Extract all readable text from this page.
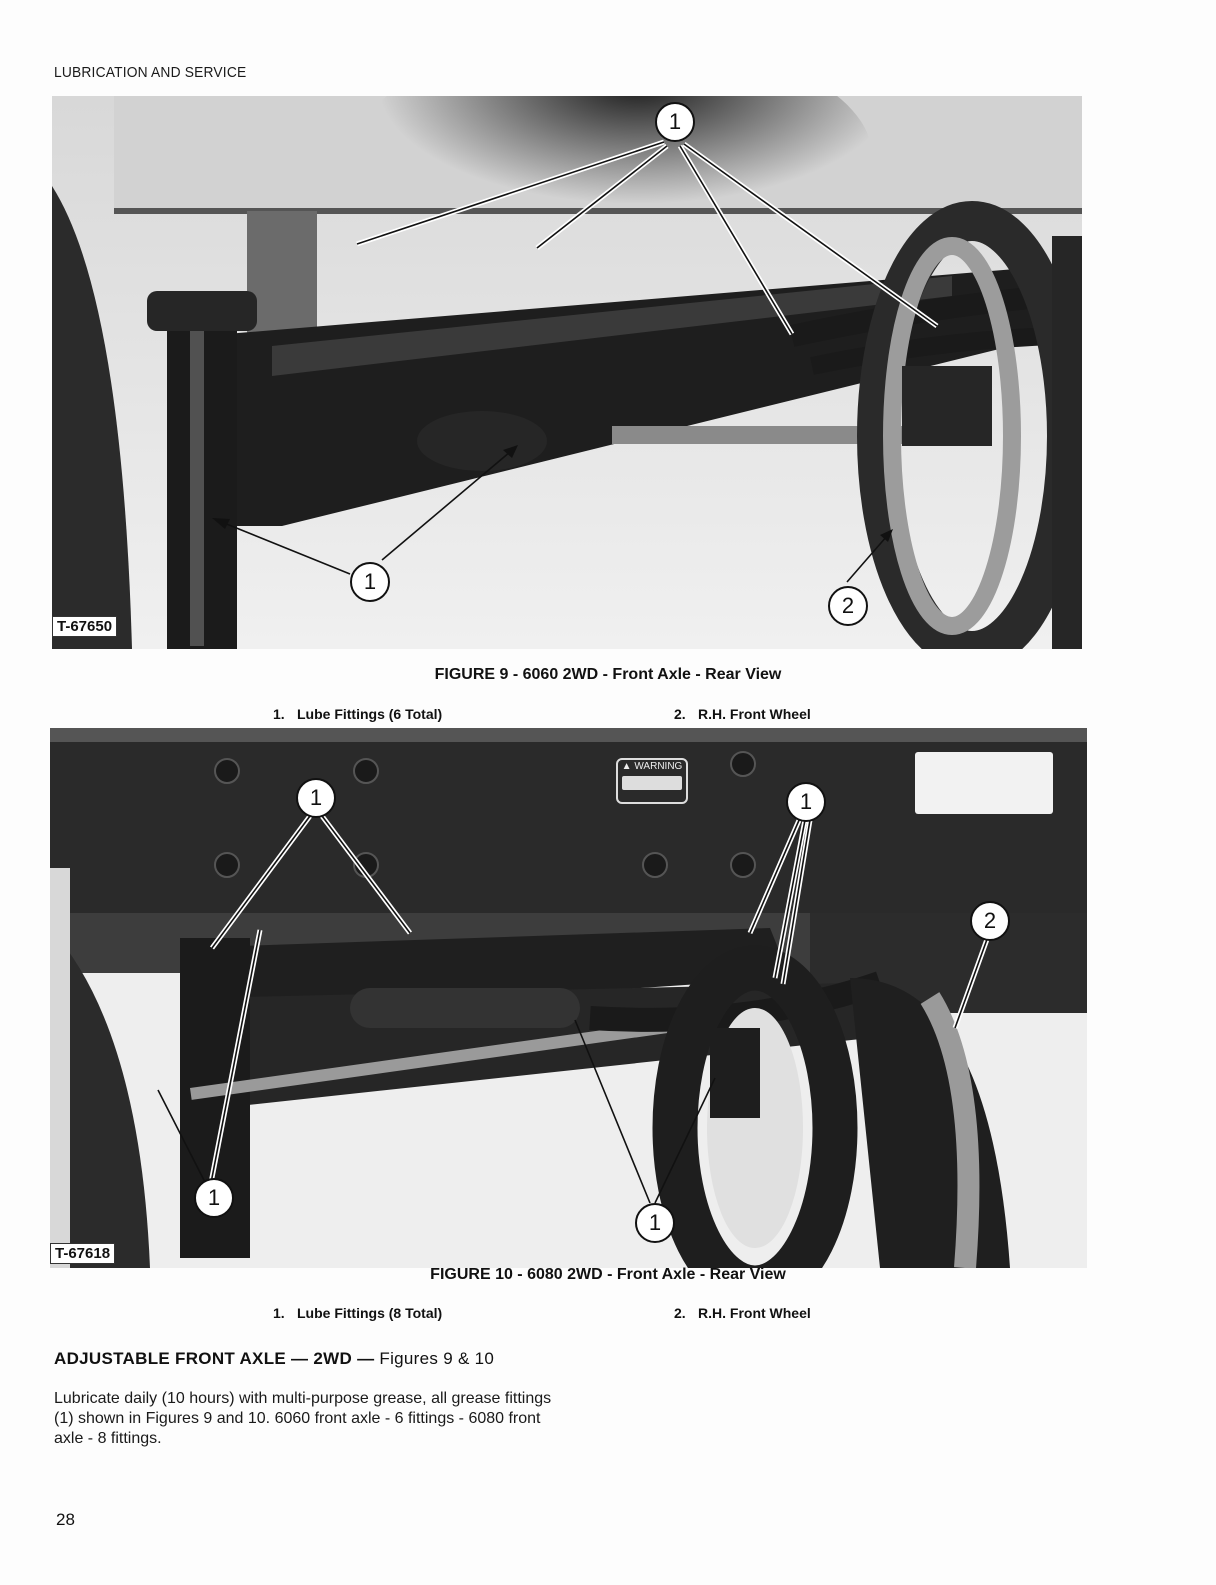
LUBRICATION AND SERVICE
1
1
2
T-67650
FIGURE 9 - 6060 2WD - Front Axle - Rear View
1. Lube Fittings (6 Total)	2. R.H. Front Wheel
▲ WARNING
1	1
1
1
2
T-67618
FIGURE 10 - 6080 2WD - Front Axle - Rear View
1. Lube Fittings (8 Total)	2. R.H. Front Wheel
ADJUSTABLE FRONT AXLE — 2WD — Figures 9 & 10
Lubricate daily (10 hours) with multi-purpose grease, all grease fittings (1) shown in Figures 9 and 10. 6060 front axle - 6 fittings - 6080 front axle - 8 fittings.
28
